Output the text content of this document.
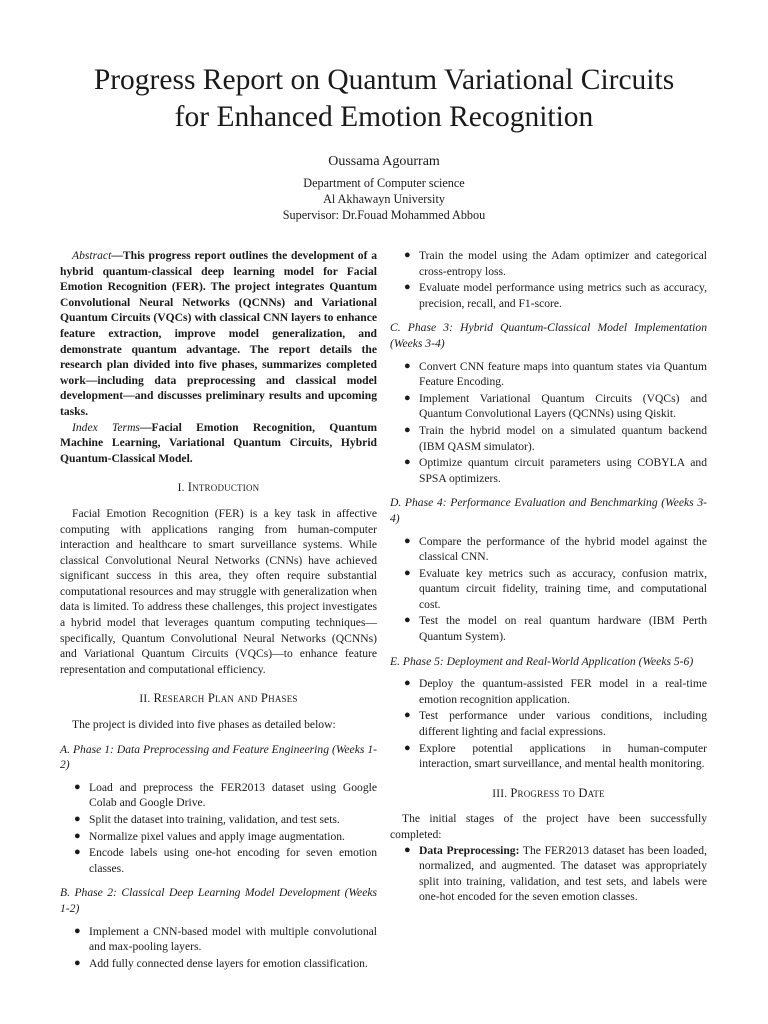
Progress Report on Quantum Variational Circuits
for Enhanced Emotion Recognition
Oussama Agourram
Department of Computer science
Al Akhawayn University
Supervisor: Dr.Fouad Mohammed Abbou

Abstract—This progress report outlines the development of a hybrid quantum-classical deep learning model for Facial Emotion Recognition (FER). The project integrates Quantum Convolutional Neural Networks (QCNNs) and Variational Quantum Circuits (VQCs) with classical CNN layers to enhance feature extraction, improve model generalization, and demonstrate quantum advantage. The report details the research plan divided into five phases, summarizes completed work—including data preprocessing and classical model development—and discusses preliminary results and upcoming tasks.

Index Terms—Facial Emotion Recognition, Quantum Machine Learning, Variational Quantum Circuits, Hybrid Quantum-Classical Model.

I. Introduction

Facial Emotion Recognition (FER) is a key task in affective computing with applications ranging from human-computer interaction and healthcare to smart surveillance systems. While classical Convolutional Neural Networks (CNNs) have achieved significant success in this area, they often require substantial computational resources and may struggle with generalization when data is limited. To address these challenges, this project investigates a hybrid model that leverages quantum computing techniques—specifically, Quantum Convolutional Neural Networks (QCNNs) and Variational Quantum Circuits (VQCs)—to enhance feature representation and computational efficiency.

II. Research Plan and Phases

The project is divided into five phases as detailed below:

A. Phase 1: Data Preprocessing and Feature Engineering (Weeks 1-2)
● Load and preprocess the FER2013 dataset using Google Colab and Google Drive.
● Split the dataset into training, validation, and test sets.
● Normalize pixel values and apply image augmentation.
● Encode labels using one-hot encoding for seven emotion classes.
B. Phase 2: Classical Deep Learning Model Development (Weeks 1-2)
● Implement a CNN-based model with multiple convolutional and max-pooling layers.
● Add fully connected dense layers for emotion classification.
● Train the model using the Adam optimizer and categorical cross-entropy loss.
● Evaluate model performance using metrics such as accuracy, precision, recall, and F1-score.
C. Phase 3: Hybrid Quantum-Classical Model Implementation (Weeks 3-4)
● Convert CNN feature maps into quantum states via Quantum Feature Encoding.
● Implement Variational Quantum Circuits (VQCs) and Quantum Convolutional Layers (QCNNs) using Qiskit.
● Train the hybrid model on a simulated quantum backend (IBM QASM simulator).
● Optimize quantum circuit parameters using COBYLA and SPSA optimizers.
D. Phase 4: Performance Evaluation and Benchmarking (Weeks 3-4)
● Compare the performance of the hybrid model against the classical CNN.
● Evaluate key metrics such as accuracy, confusion matrix, quantum circuit fidelity, training time, and computational cost.
● Test the model on real quantum hardware (IBM Perth Quantum System).
E. Phase 5: Deployment and Real-World Application (Weeks 5-6)
● Deploy the quantum-assisted FER model in a real-time emotion recognition application.
● Test performance under various conditions, including different lighting and facial expressions.
● Explore potential applications in human-computer interaction, smart surveillance, and mental health monitoring.
III. Progress to Date

The initial stages of the project have been successfully completed:

● Data Preprocessing: The FER2013 dataset has been loaded, normalized, and augmented. The dataset was appropriately split into training, validation, and test sets, and labels were one-hot encoded for the seven emotion classes.
